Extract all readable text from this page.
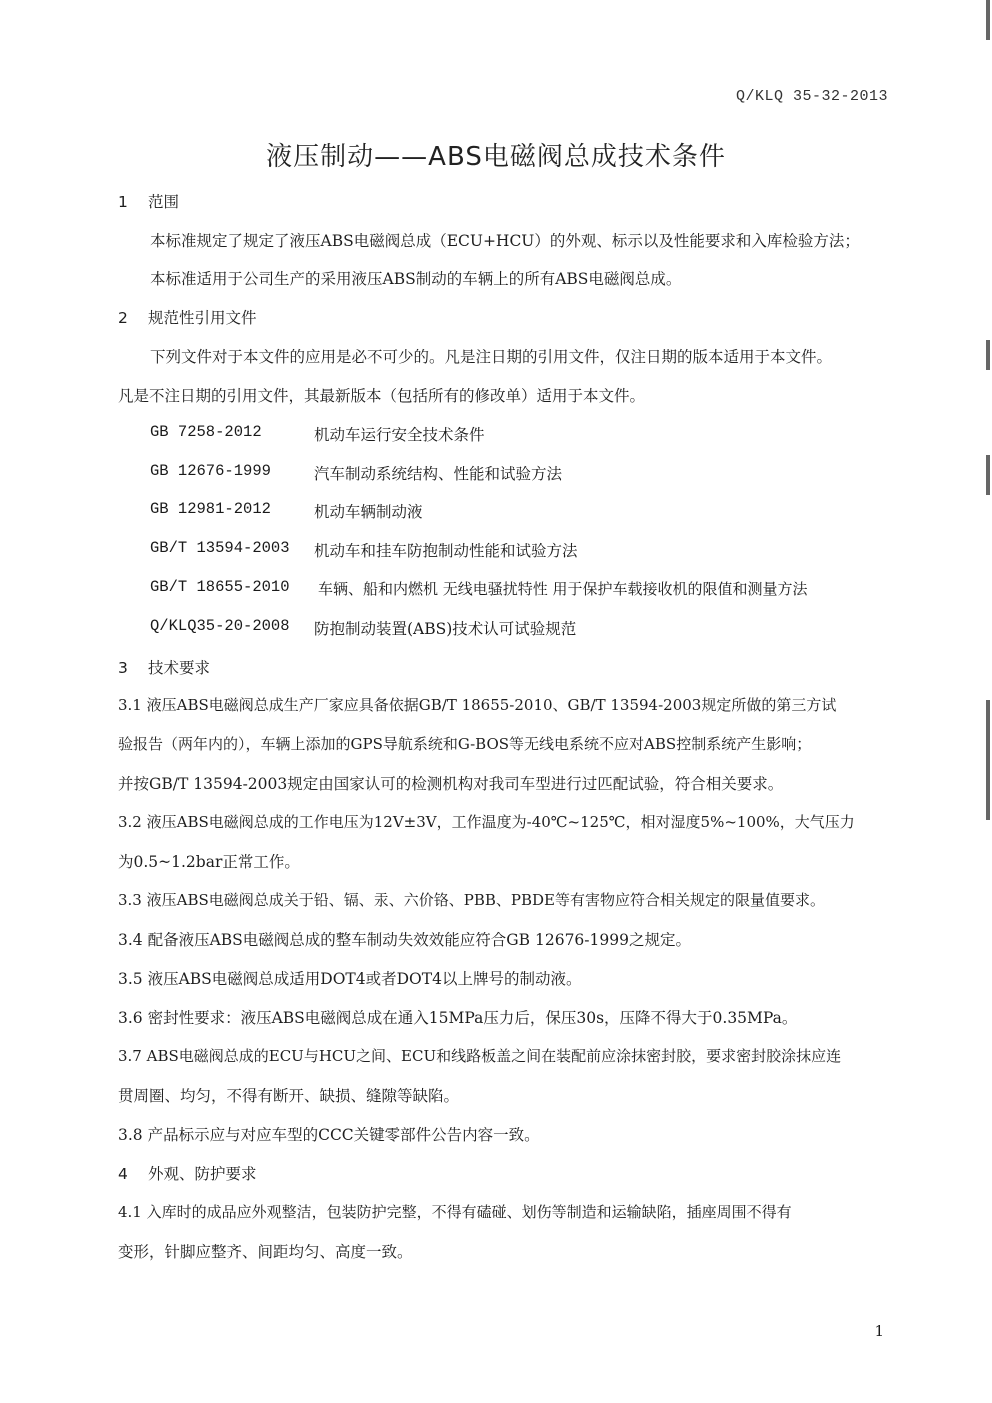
Q/KLQ 35-32-2013
液压制动——ABS电磁阀总成技术条件
1 范围
本标准规定了规定了液压ABS电磁阀总成（ECU+HCU）的外观、标示以及性能要求和入库检验方法；
本标准适用于公司生产的采用液压ABS制动的车辆上的所有ABS电磁阀总成。
2 规范性引用文件
下列文件对于本文件的应用是必不可少的。凡是注日期的引用文件，仅注日期的版本适用于本文件。
凡是不注日期的引用文件，其最新版本（包括所有的修改单）适用于本文件。
GB 7258-2012	机动车运行安全技术条件
GB 12676-1999	汽车制动系统结构、性能和试验方法
GB 12981-2012	机动车辆制动液
GB/T 13594-2003 机动车和挂车防抱制动性能和试验方法
GB/T 18655-2010 车辆、船和内燃机 无线电骚扰特性 用于保护车载接收机的限值和测量方法
Q/KLQ35-20-2008 防抱制动装置(ABS)技术认可试验规范
3 技术要求
3.1 液压ABS电磁阀总成生产厂家应具备依据GB/T 18655-2010、GB/T 13594-2003规定所做的第三方试
验报告（两年内的），车辆上添加的GPS导航系统和G-BOS等无线电系统不应对ABS控制系统产生影响；
并按GB/T 13594-2003规定由国家认可的检测机构对我司车型进行过匹配试验，符合相关要求。
3.2 液压ABS电磁阀总成的工作电压为12V±3V，工作温度为-40℃~125℃，相对湿度5%~100%，大气压力
为0.5~1.2bar正常工作。
3.3 液压ABS电磁阀总成关于铅、镉、汞、六价铬、PBB、PBDE等有害物应符合相关规定的限量值要求。
3.4 配备液压ABS电磁阀总成的整车制动失效效能应符合GB 12676-1999之规定。
3.5 液压ABS电磁阀总成适用DOT4或者DOT4以上牌号的制动液。
3.6 密封性要求：液压ABS电磁阀总成在通入15MPa压力后，保压30s，压降不得大于0.35MPa。
3.7 ABS电磁阀总成的ECU与HCU之间、ECU和线路板盖之间在装配前应涂抹密封胶，要求密封胶涂抹应连
贯周圈、均匀，不得有断开、缺损、缝隙等缺陷。
3.8 产品标示应与对应车型的CCC关键零部件公告内容一致。
4 外观、防护要求
4.1 入库时的成品应外观整洁，包装防护完整，不得有磕碰、划伤等制造和运输缺陷，插座周围不得有
变形，针脚应整齐、间距均匀、高度一致。
1
